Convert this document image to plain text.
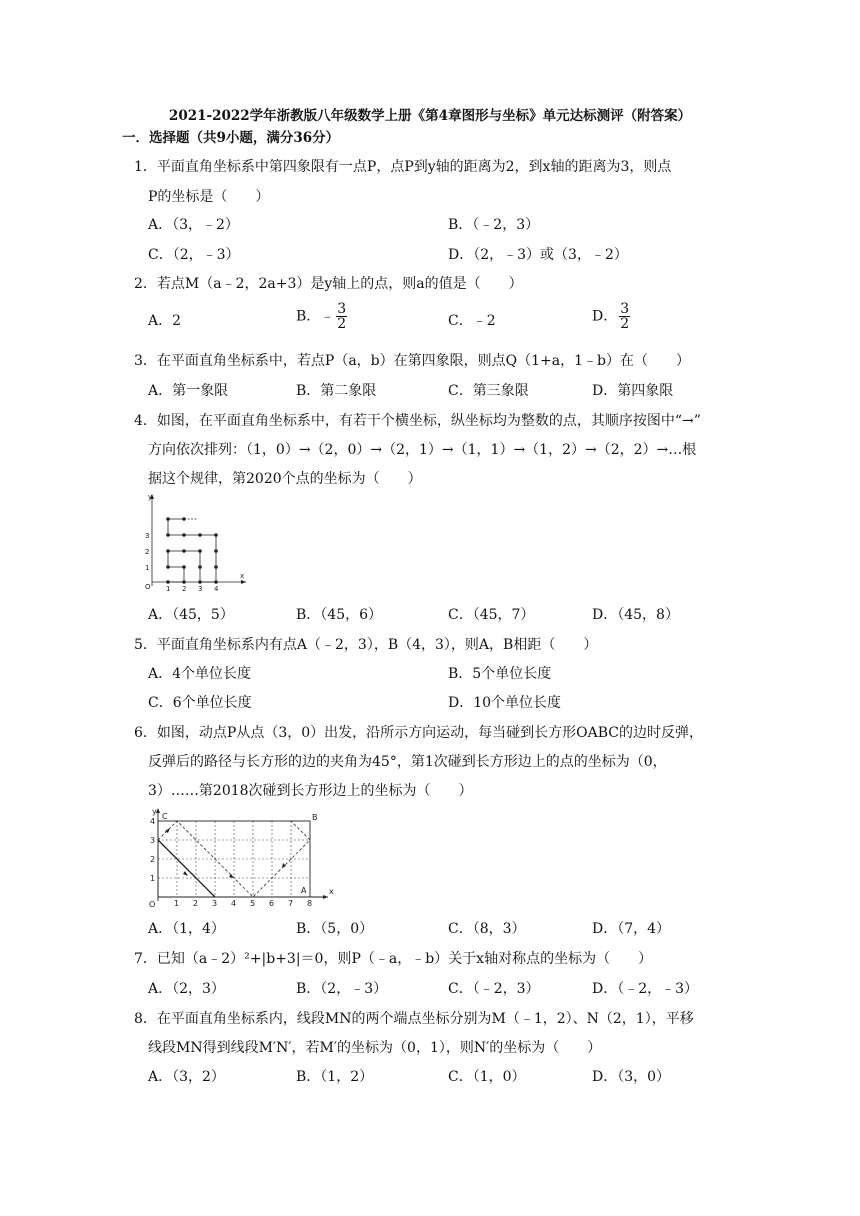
2021-2022学年浙教版八年级数学上册《第4章图形与坐标》单元达标测评（附答案）
一．选择题（共9小题，满分36分）
1．平面直角坐标系中第四象限有一点P，点P到y轴的距离为2，到x轴的距离为3，则点
P的坐标是（　　）
A．（3，﹣2）	B．（﹣2，3）
C．（2，﹣3）	D．（2，﹣3）或（3，﹣2）
2．若点M（a﹣2，2a+3）是y轴上的点，则a的值是（　　）
A．2	B．﹣ $\frac{3}{2}$	C．﹣2	D． $\frac{3}{2}$
3．在平面直角坐标系中，若点P（a，b）在第四象限，则点Q（1+a，1﹣b）在（　　）
A．第一象限	B．第二象限	C．第三象限	D．第四象限
4．如图，在平面直角坐标系中，有若干个横坐标，纵坐标均为整数的点，其顺序按图中“→”
方向依次排列：（1，0）→（2，0）→（2，1）→（1，1）→（1，2）→（2，2）→…根
据这个规律，第2020个点的坐标为（　　）
y
x
O 1 2 3 4
1
2
3
A．（45，5）	B．（45，6）	C．（45，7）	D．（45，8）
5．平面直角坐标系内有点A（﹣2，3），B（4，3），则A，B相距（　　）
A．4个单位长度	B．5个单位长度
C．6个单位长度	D．10个单位长度
6．如图，动点P从点（3，0）出发，沿所示方向运动，每当碰到长方形OABC的边时反弹，
反弹后的路径与长方形的边的夹角为45°，第1次碰到长方形边上的点的坐标为（0，
3）……第2018次碰到长方形边上的坐标为（　　）
y
x
O
C	B
A
1 2 3 4 5 6 7 8
1
2
3
4
A．（1，4）	B．（5，0）	C．（8，3）	D．（7，4）
7．已知（a﹣2）²+|b+3|＝0，则P（﹣a，﹣b）关于x轴对称点的坐标为（　　）
A．（2，3）	B．（2，﹣3）	C．（﹣2，3）	D．（﹣2，﹣3）
8．在平面直角坐标系内，线段MN的两个端点坐标分别为M（﹣1，2）、N（2，1），平移
线段MN得到线段M′N′，若M′的坐标为（0，1），则N′的坐标为（　　）
A．（3，2）	B．（1，2）	C．（1，0）	D．（3，0）
